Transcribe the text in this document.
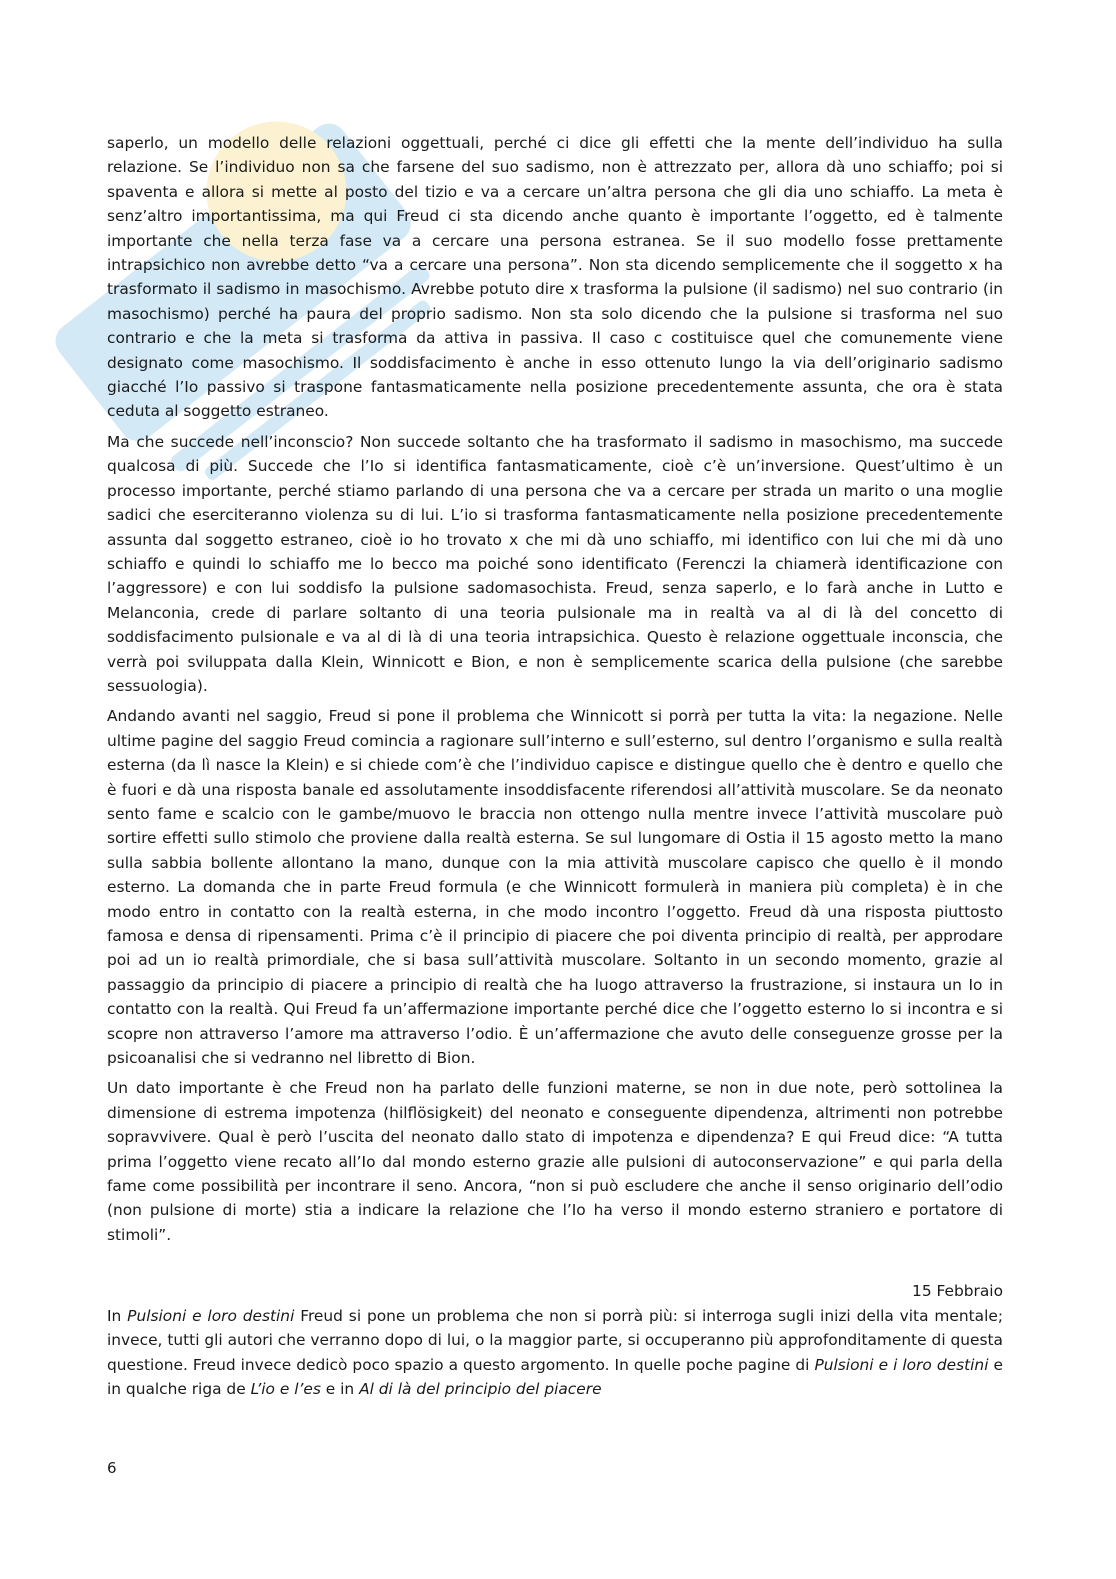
saperlo, un modello delle relazioni oggettuali, perché ci dice gli effetti che la mente dell’individuo ha sulla relazione. Se l’individuo non sa che farsene del suo sadismo, non è attrezzato per, allora dà uno schiaffo; poi si spaventa e allora si mette al posto del tizio e va a cercare un’altra persona che gli dia uno schiaffo. La meta è senz’altro importantissima, ma qui Freud ci sta dicendo anche quanto è importante l’oggetto, ed è talmente importante che nella terza fase va a cercare una persona estranea. Se il suo modello fosse prettamente intrapsichico non avrebbe detto “va a cercare una persona”. Non sta dicendo semplicemente che il soggetto x ha trasformato il sadismo in masochismo. Avrebbe potuto dire x trasforma la pulsione (il sadismo) nel suo contrario (in masochismo) perché ha paura del proprio sadismo. Non sta solo dicendo che la pulsione si trasforma nel suo contrario e che la meta si trasforma da attiva in passiva. Il caso c costituisce quel che comunemente viene designato come masochismo. Il soddisfacimento è anche in esso ottenuto lungo la via dell’originario sadismo giacché l’Io passivo si traspone fantasmaticamente nella posizione precedentemente assunta, che ora è stata ceduta al soggetto estraneo.

Ma che succede nell’inconscio? Non succede soltanto che ha trasformato il sadismo in masochismo, ma succede qualcosa di più. Succede che l’Io si identifica fantasmaticamente, cioè c’è un’inversione. Quest’ultimo è un processo importante, perché stiamo parlando di una persona che va a cercare per strada un marito o una moglie sadici che eserciteranno violenza su di lui. L’io si trasforma fantasmaticamente nella posizione precedentemente assunta dal soggetto estraneo, cioè io ho trovato x che mi dà uno schiaffo, mi identifico con lui che mi dà uno schiaffo e quindi lo schiaffo me lo becco ma poiché sono identificato (Ferenczi la chiamerà identificazione con l’aggressore) e con lui soddisfo la pulsione sadomasochista. Freud, senza saperlo, e lo farà anche in Lutto e Melanconia, crede di parlare soltanto di una teoria pulsionale ma in realtà va al di là del concetto di soddisfacimento pulsionale e va al di là di una teoria intrapsichica. Questo è relazione oggettuale inconscia, che verrà poi sviluppata dalla Klein, Winnicott e Bion, e non è semplicemente scarica della pulsione (che sarebbe sessuologia).

Andando avanti nel saggio, Freud si pone il problema che Winnicott si porrà per tutta la vita: la negazione. Nelle ultime pagine del saggio Freud comincia a ragionare sull’interno e sull’esterno, sul dentro l’organismo e sulla realtà esterna (da lì nasce la Klein) e si chiede com’è che l’individuo capisce e distingue quello che è dentro e quello che è fuori e dà una risposta banale ed assolutamente insoddisfacente riferendosi all’attività muscolare. Se da neonato sento fame e scalcio con le gambe/muovo le braccia non ottengo nulla mentre invece l’attività muscolare può sortire effetti sullo stimolo che proviene dalla realtà esterna. Se sul lungomare di Ostia il 15 agosto metto la mano sulla sabbia bollente allontano la mano, dunque con la mia attività muscolare capisco che quello è il mondo esterno. La domanda che in parte Freud formula (e che Winnicott formulerà in maniera più completa) è in che modo entro in contatto con la realtà esterna, in che modo incontro l’oggetto. Freud dà una risposta piuttosto famosa e densa di ripensamenti. Prima c’è il principio di piacere che poi diventa principio di realtà, per approdare poi ad un io realtà primordiale, che si basa sull’attività muscolare. Soltanto in un secondo momento, grazie al passaggio da principio di piacere a principio di realtà che ha luogo attraverso la frustrazione, si instaura un Io in contatto con la realtà. Qui Freud fa un’affermazione importante perché dice che l’oggetto esterno lo si incontra e si scopre non attraverso l’amore ma attraverso l’odio. È un’affermazione che avuto delle conseguenze grosse per la psicoanalisi che si vedranno nel libretto di Bion.

Un dato importante è che Freud non ha parlato delle funzioni materne, se non in due note, però sottolinea la dimensione di estrema impotenza (hilflösigkeit) del neonato e conseguente dipendenza, altrimenti non potrebbe sopravvivere. Qual è però l’uscita del neonato dallo stato di impotenza e dipendenza? E qui Freud dice: “A tutta prima l’oggetto viene recato all’Io dal mondo esterno grazie alle pulsioni di autoconservazione” e qui parla della fame come possibilità per incontrare il seno. Ancora, “non si può escludere che anche il senso originario dell’odio (non pulsione di morte) stia a indicare la relazione che l’Io ha verso il mondo esterno straniero e portatore di stimoli”.

15 Febbraio

In Pulsioni e loro destini Freud si pone un problema che non si porrà più: si interroga sugli inizi della vita mentale; invece, tutti gli autori che verranno dopo di lui, o la maggior parte, si occuperanno più approfonditamente di questa questione. Freud invece dedicò poco spazio a questo argomento. In quelle poche pagine di Pulsioni e i loro destini e in qualche riga de L’io e l’es e in Al di là del principio del piacere

6
